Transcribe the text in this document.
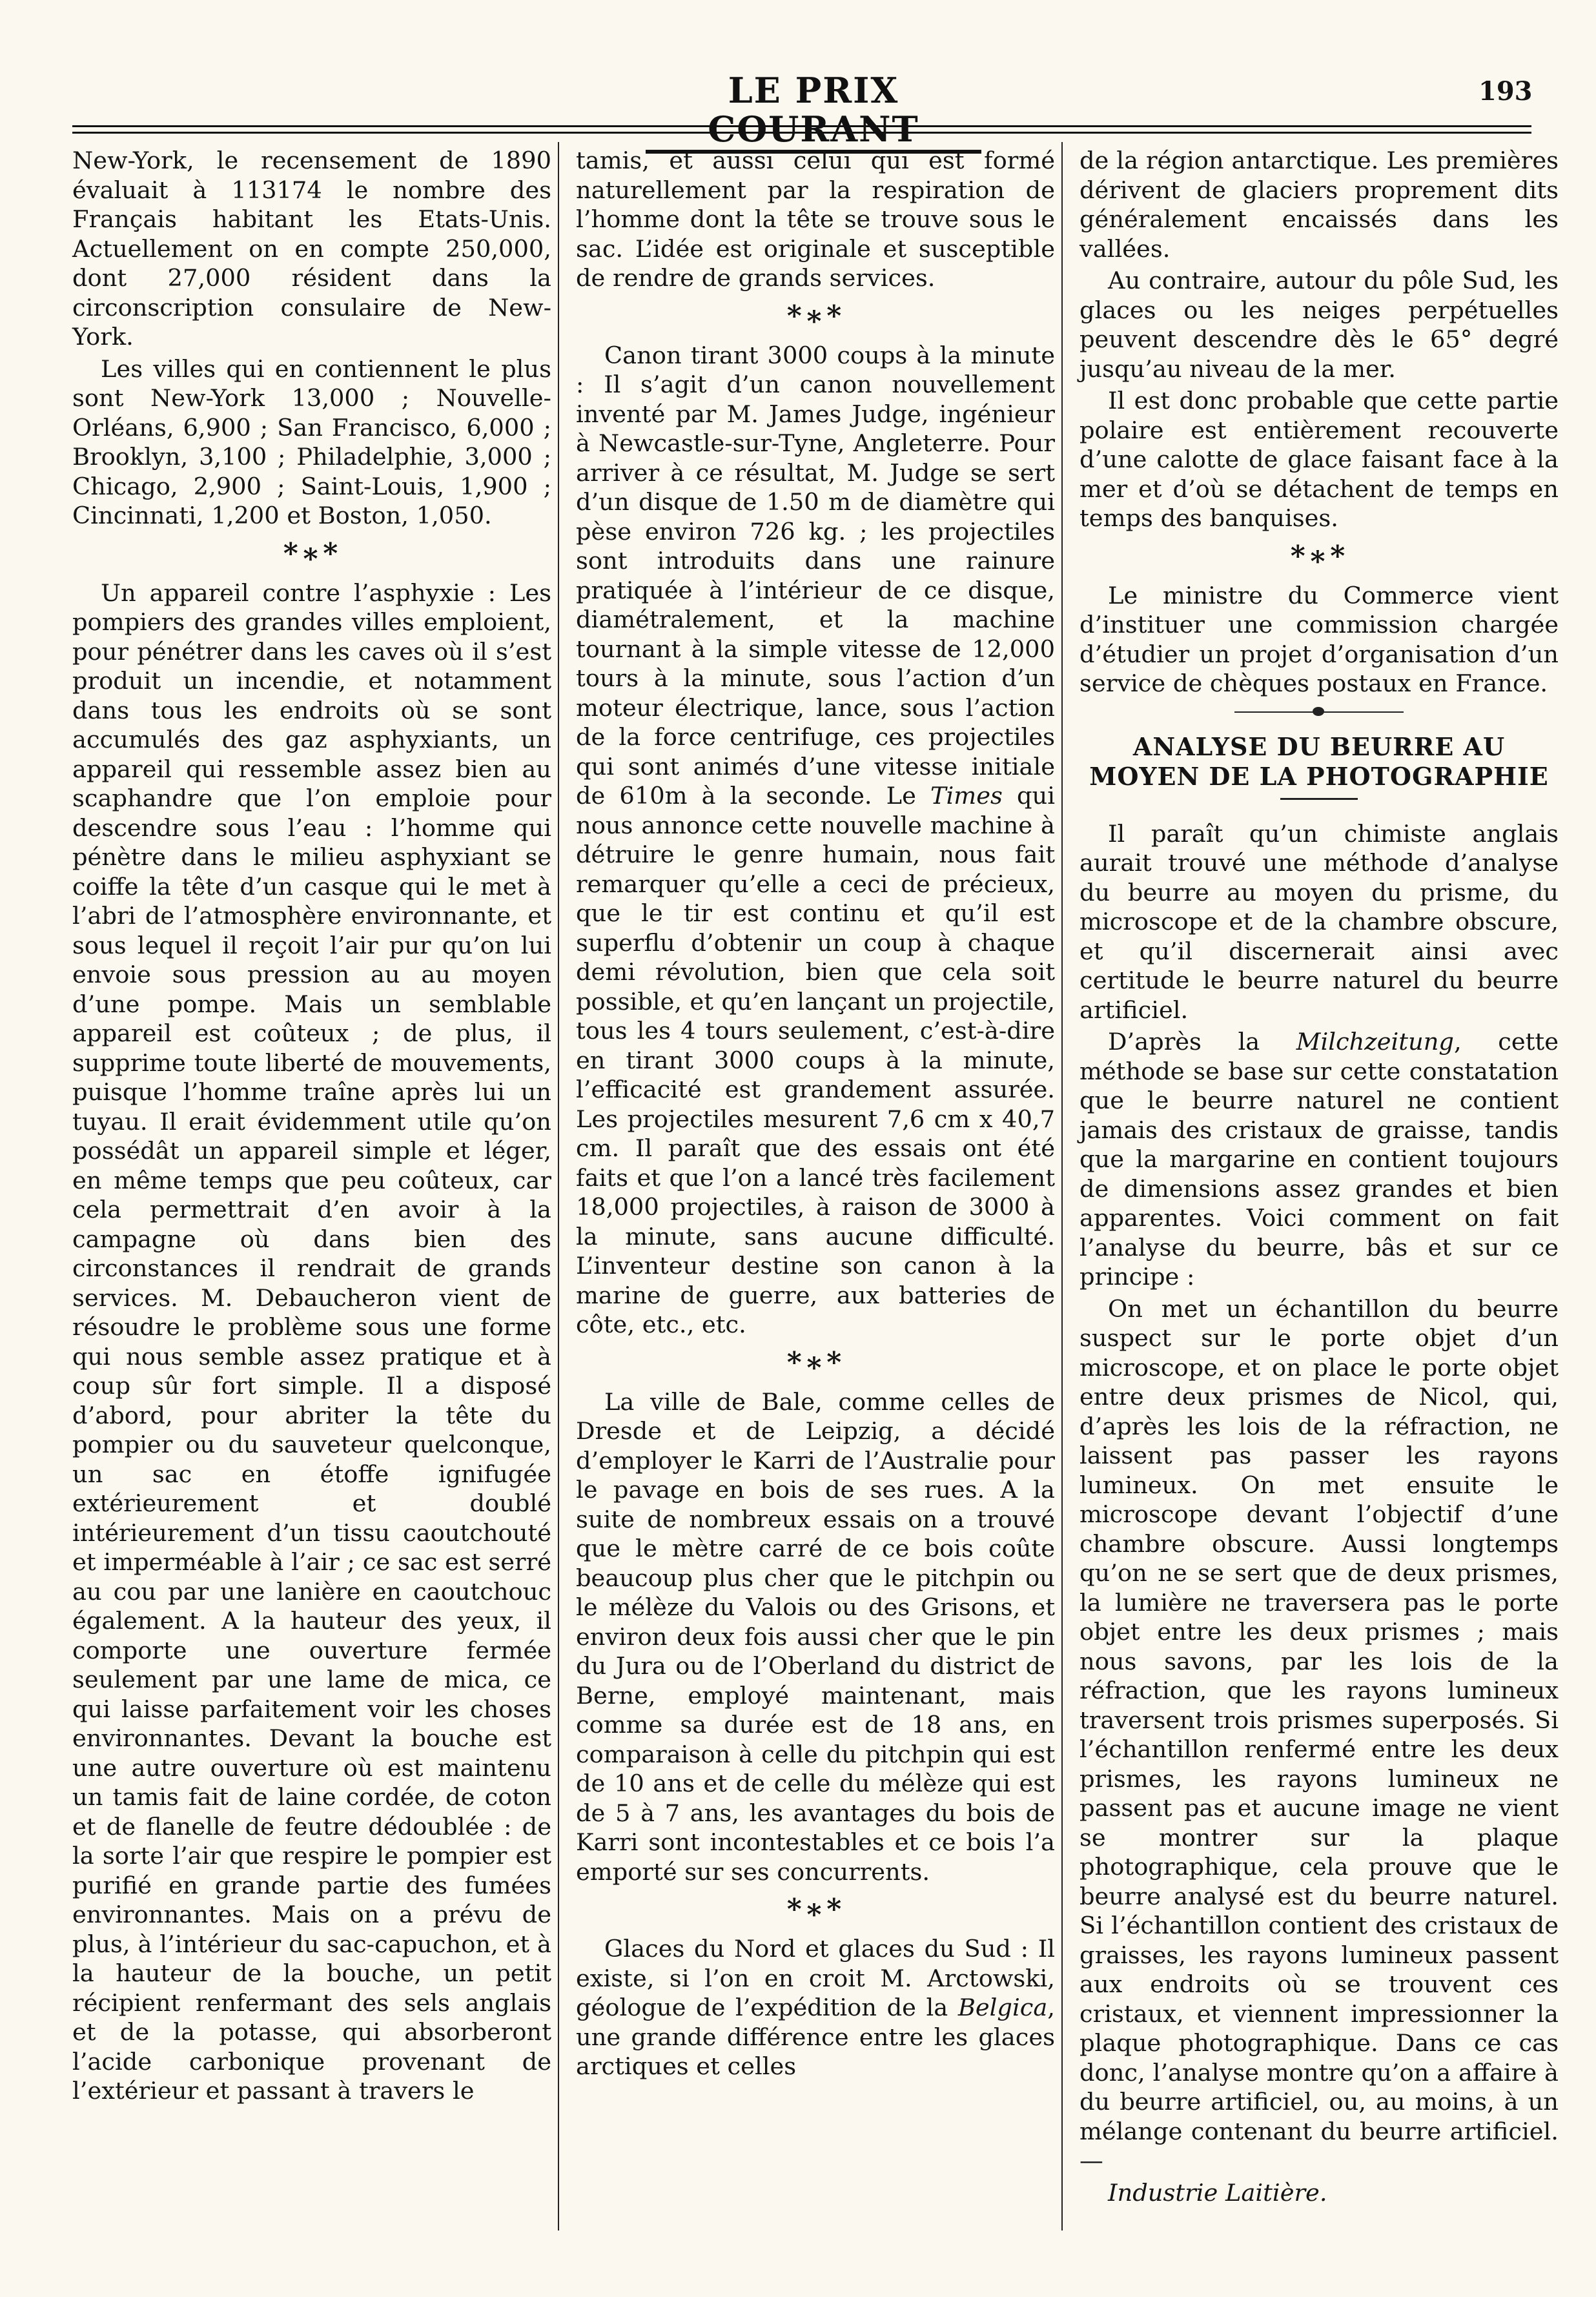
LE PRIX COURANT
193

New-York, le recensement de 1890 évaluait à 113174 le nombre des Français habitant les Etats-Unis. Actuellement on en compte 250,000, dont 27,000 résident dans la circonscription consulaire de New-York.

Les villes qui en contiennent le plus sont New-York 13,000 ; Nouvelle-Orléans, 6,900 ; San Francisco, 6,000 ; Brooklyn, 3,100 ; Philadelphie, 3,000 ; Chicago, 2,900 ; Saint-Louis, 1,900 ; Cincinnati, 1,200 et Boston, 1,050.

*∗*

Un appareil contre l’asphyxie : Les pompiers des grandes villes emploient, pour pénétrer dans les caves où il s’est produit un incendie, et notamment dans tous les endroits où se sont accumulés des gaz asphyxiants, un appareil qui ressemble assez bien au scaphandre que l’on emploie pour descendre sous l’eau : l’homme qui pénètre dans le milieu asphyxiant se coiffe la tête d’un casque qui le met à l’abri de l’atmosphère environnante, et sous lequel il reçoit l’air pur qu’on lui envoie sous pression au au moyen d’une pompe. Mais un semblable appareil est coûteux ; de plus, il supprime toute liberté de mouvements, puisque l’homme traîne après lui un tuyau. Il erait évidemment utile qu’on possédât un appareil simple et léger, en même temps que peu coûteux, car cela permettrait d’en avoir à la campagne où dans bien des circonstances il rendrait de grands services. M. Debaucheron vient de résoudre le problème sous une forme qui nous semble assez pratique et à coup sûr fort simple. Il a disposé d’abord, pour abriter la tête du pompier ou du sauveteur quelconque, un sac en étoffe ignifugée extérieurement et doublé intérieurement d’un tissu caoutchouté et imperméable à l’air ; ce sac est serré au cou par une lanière en caoutchouc également. A la hauteur des yeux, il comporte une ouverture fermée seulement par une lame de mica, ce qui laisse parfaitement voir les choses environnantes. Devant la bouche est une autre ouverture où est maintenu un tamis fait de laine cordée, de coton et de flanelle de feutre dédoublée : de la sorte l’air que respire le pompier est purifié en grande partie des fumées environnantes. Mais on a prévu de plus, à l’intérieur du sac-capuchon, et à la hauteur de la bouche, un petit récipient renfermant des sels anglais et de la potasse, qui absorberont l’acide carbonique provenant de l’extérieur et passant à travers le

tamis, et aussi celui qui est formé naturellement par la respiration de l’homme dont la tête se trouve sous le sac. L’idée est originale et susceptible de rendre de grands services.

*∗*

Canon tirant 3000 coups à la minute : Il s’agit d’un canon nouvellement inventé par M. James Judge, ingénieur à Newcastle-sur-Tyne, Angleterre. Pour arriver à ce résultat, M. Judge se sert d’un disque de 1.50 m de diamètre qui pèse environ 726 kg. ; les projectiles sont introduits dans une rainure pratiquée à l’intérieur de ce disque, diamétralement, et la machine tournant à la simple vitesse de 12,000 tours à la minute, sous l’action d’un moteur électrique, lance, sous l’action de la force centrifuge, ces projectiles qui sont animés d’une vitesse initiale de 610m à la seconde. Le Times qui nous annonce cette nouvelle machine à détruire le genre humain, nous fait remarquer qu’elle a ceci de précieux, que le tir est continu et qu’il est superflu d’obtenir un coup à chaque demi révolution, bien que cela soit possible, et qu’en lançant un projectile, tous les 4 tours seulement, c’est-à-dire en tirant 3000 coups à la minute, l’efficacité est grandement assurée. Les projectiles mesurent 7,6 cm x 40,7 cm. Il paraît que des essais ont été faits et que l’on a lancé très facilement 18,000 projectiles, à raison de 3000 à la minute, sans aucune difficulté. L’inventeur destine son canon à la marine de guerre, aux batteries de côte, etc., etc.

*∗*

La ville de Bale, comme celles de Dresde et de Leipzig, a décidé d’employer le Karri de l’Australie pour le pavage en bois de ses rues. A la suite de nombreux essais on a trouvé que le mètre carré de ce bois coûte beaucoup plus cher que le pitchpin ou le mélèze du Valois ou des Grisons, et environ deux fois aussi cher que le pin du Jura ou de l’Oberland du district de Berne, employé maintenant, mais comme sa durée est de 18 ans, en comparaison à celle du pitchpin qui est de 10 ans et de celle du mélèze qui est de 5 à 7 ans, les avantages du bois de Karri sont incontestables et ce bois l’a emporté sur ses concurrents.

*∗*

Glaces du Nord et glaces du Sud : Il existe, si l’on en croit M. Arctowski, géologue de l’expédition de la Belgica, une grande différence entre les glaces arctiques et celles

de la région antarctique. Les premières dérivent de glaciers proprement dits généralement encaissés dans les vallées.

Au contraire, autour du pôle Sud, les glaces ou les neiges perpétuelles peuvent descendre dès le 65° degré jusqu’au niveau de la mer.

Il est donc probable que cette partie polaire est entièrement recouverte d’une calotte de glace faisant face à la mer et d’où se détachent de temps en temps des banquises.

*∗*

Le ministre du Commerce vient d’instituer une commission chargée d’étudier un projet d’organisation d’un service de chèques postaux en France.

ANALYSE DU BEURRE AU MOYEN DE LA PHOTOGRAPHIE

Il paraît qu’un chimiste anglais aurait trouvé une méthode d’analyse du beurre au moyen du prisme, du microscope et de la chambre obscure, et qu’il discernerait ainsi avec certitude le beurre naturel du beurre artificiel.

D’après la Milchzeitung, cette méthode se base sur cette constatation que le beurre naturel ne contient jamais des cristaux de graisse, tandis que la margarine en contient toujours de dimensions assez grandes et bien apparentes. Voici comment on fait l’analyse du beurre, bâs et sur ce principe :

On met un échantillon du beurre suspect sur le porte objet d’un microscope, et on place le porte objet entre deux prismes de Nicol, qui, d’après les lois de la réfraction, ne laissent pas passer les rayons lumineux. On met ensuite le microscope devant l’objectif d’une chambre obscure. Aussi longtemps qu’on ne se sert que de deux prismes, la lumière ne traversera pas le porte objet entre les deux prismes ; mais nous savons, par les lois de la réfraction, que les rayons lumineux traversent trois prismes superposés. Si l’échantillon renfermé entre les deux prismes, les rayons lumineux ne passent pas et aucune image ne vient se montrer sur la plaque photographique, cela prouve que le beurre analysé est du beurre naturel. Si l’échantillon contient des cristaux de graisses, les rayons lumineux passent aux endroits où se trouvent ces cristaux, et viennent impressionner la plaque photographique. Dans ce cas donc, l’analyse montre qu’on a affaire à du beurre artificiel, ou, au moins, à un mélange contenant du beurre artificiel. —

Industrie Laitière.
